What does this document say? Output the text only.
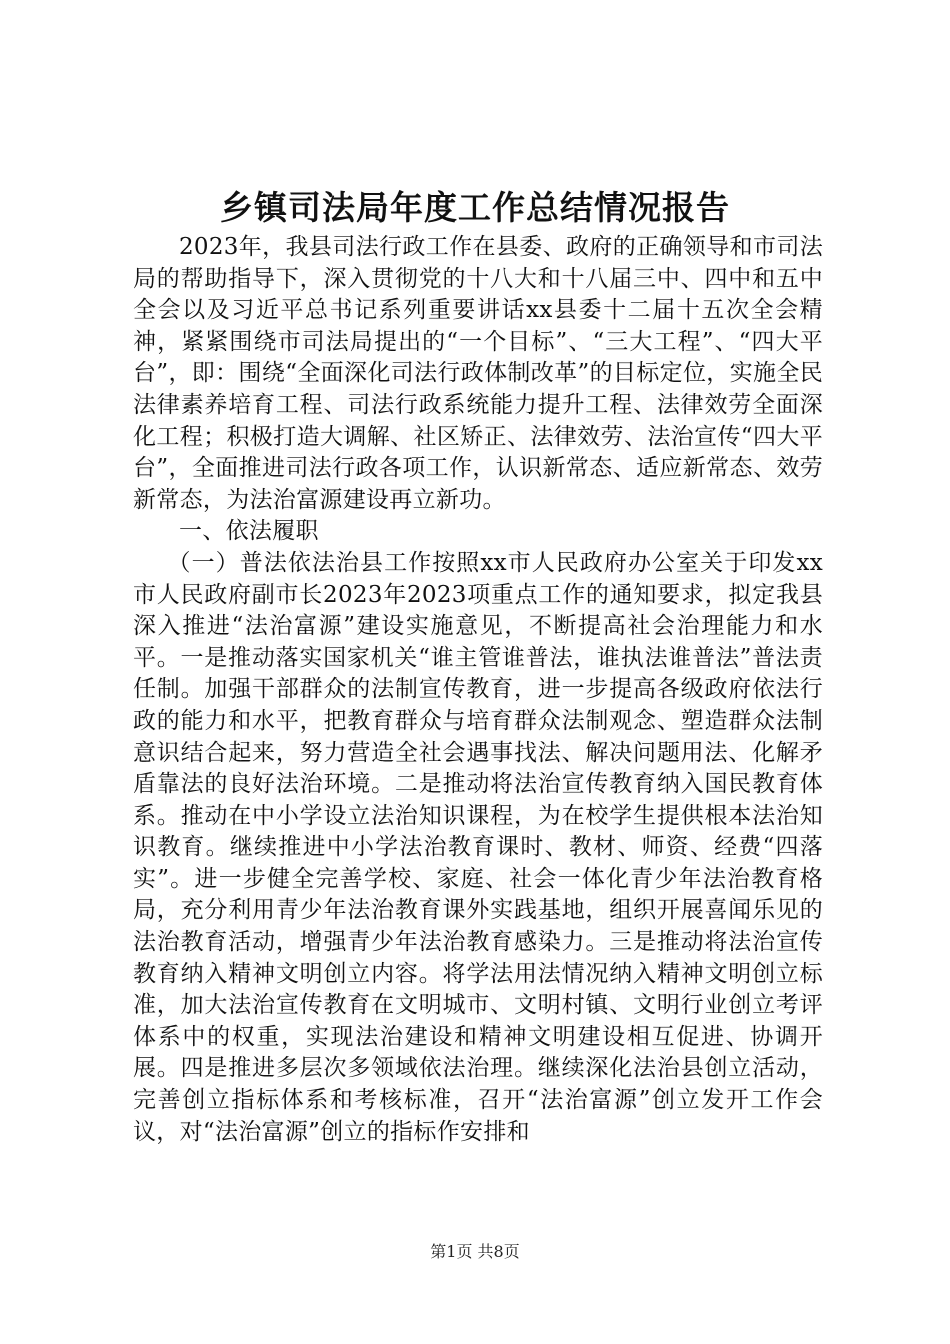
乡镇司法局年度工作总结情况报告

2023年，我县司法行政工作在县委、政府的正确领导和市司法局的帮助指导下，深入贯彻党的十八大和十八届三中、四中和五中全会以及习近平总书记系列重要讲话xx县委十二届十五次全会精神，紧紧围绕市司法局提出的“一个目标”、“三大工程”、“四大平台”，即：围绕“全面深化司法行政体制改革”的目标定位，实施全民法律素养培育工程、司法行政系统能力提升工程、法律效劳全面深化工程；积极打造大调解、社区矫正、法律效劳、法治宣传“四大平台”，全面推进司法行政各项工作，认识新常态、适应新常态、效劳新常态，为法治富源建设再立新功。

一、依法履职

（一）普法依法治县工作按照xx市人民政府办公室关于印发xx市人民政府副市长2023年2023项重点工作的通知要求，拟定我县深入推进“法治富源”建设实施意见，不断提高社会治理能力和水平。一是推动落实国家机关“谁主管谁普法，谁执法谁普法”普法责任制。加强干部群众的法制宣传教育，进一步提高各级政府依法行政的能力和水平，把教育群众与培育群众法制观念、塑造群众法制意识结合起来，努力营造全社会遇事找法、解决问题用法、化解矛盾靠法的良好法治环境。二是推动将法治宣传教育纳入国民教育体系。推动在中小学设立法治知识课程，为在校学生提供根本法治知识教育。继续推进中小学法治教育课时、教材、师资、经费“四落实”。进一步健全完善学校、家庭、社会一体化青少年法治教育格局，充分利用青少年法治教育课外实践基地，组织开展喜闻乐见的法治教育活动，增强青少年法治教育感染力。三是推动将法治宣传教育纳入精神文明创立内容。将学法用法情况纳入精神文明创立标准，加大法治宣传教育在文明城市、文明村镇、文明行业创立考评体系中的权重，实现法治建设和精神文明建设相互促进、协调开展。四是推进多层次多领域依法治理。继续深化法治县创立活动，完善创立指标体系和考核标准，召开“法治富源”创立发开工作会议，对“法治富源”创立的指标作安排和

第1页 共8页
